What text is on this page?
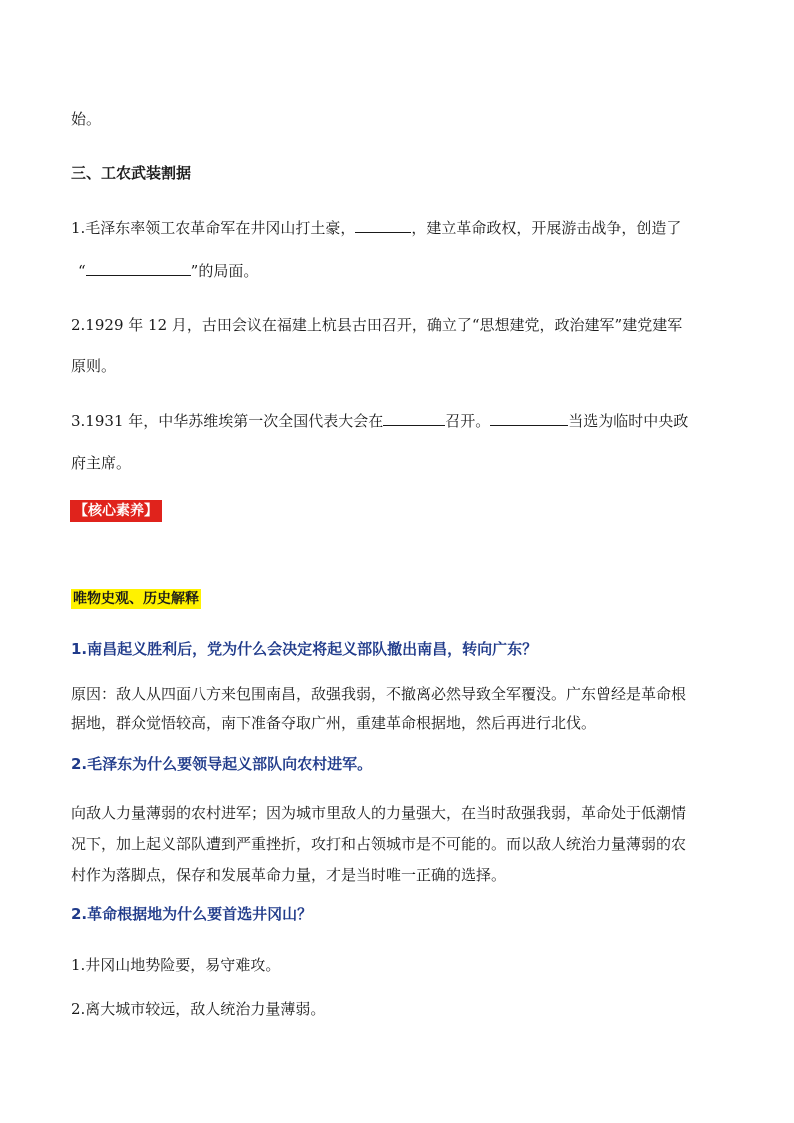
始。
三、工农武装割据
1.毛泽东率领工农革命军在井冈山打土豪，	，建立革命政权，开展游击战争，创造了
“	”的局面。
2.1929 年 12 月，古田会议在福建上杭县古田召开，确立了“思想建党，政治建军”建党建军
原则。
3.1931 年，中华苏维埃第一次全国代表大会在	召开。	当选为临时中央政
府主席。
【核心素养】
唯物史观、历史解释
1.南昌起义胜利后，党为什么会决定将起义部队撤出南昌，转向广东？
原因：敌人从四面八方来包围南昌，敌强我弱，不撤离必然导致全军覆没。广东曾经是革命根
据地，群众觉悟较高，南下准备夺取广州，重建革命根据地，然后再进行北伐。
2.毛泽东为什么要领导起义部队向农村进军。
向敌人力量薄弱的农村进军；因为城市里敌人的力量强大，在当时敌强我弱，革命处于低潮情
况下，加上起义部队遭到严重挫折，攻打和占领城市是不可能的。而以敌人统治力量薄弱的农
村作为落脚点，保存和发展革命力量，才是当时唯一正确的选择。
2.革命根据地为什么要首选井冈山？
1.井冈山地势险要，易守难攻。
2.离大城市较远，敌人统治力量薄弱。
